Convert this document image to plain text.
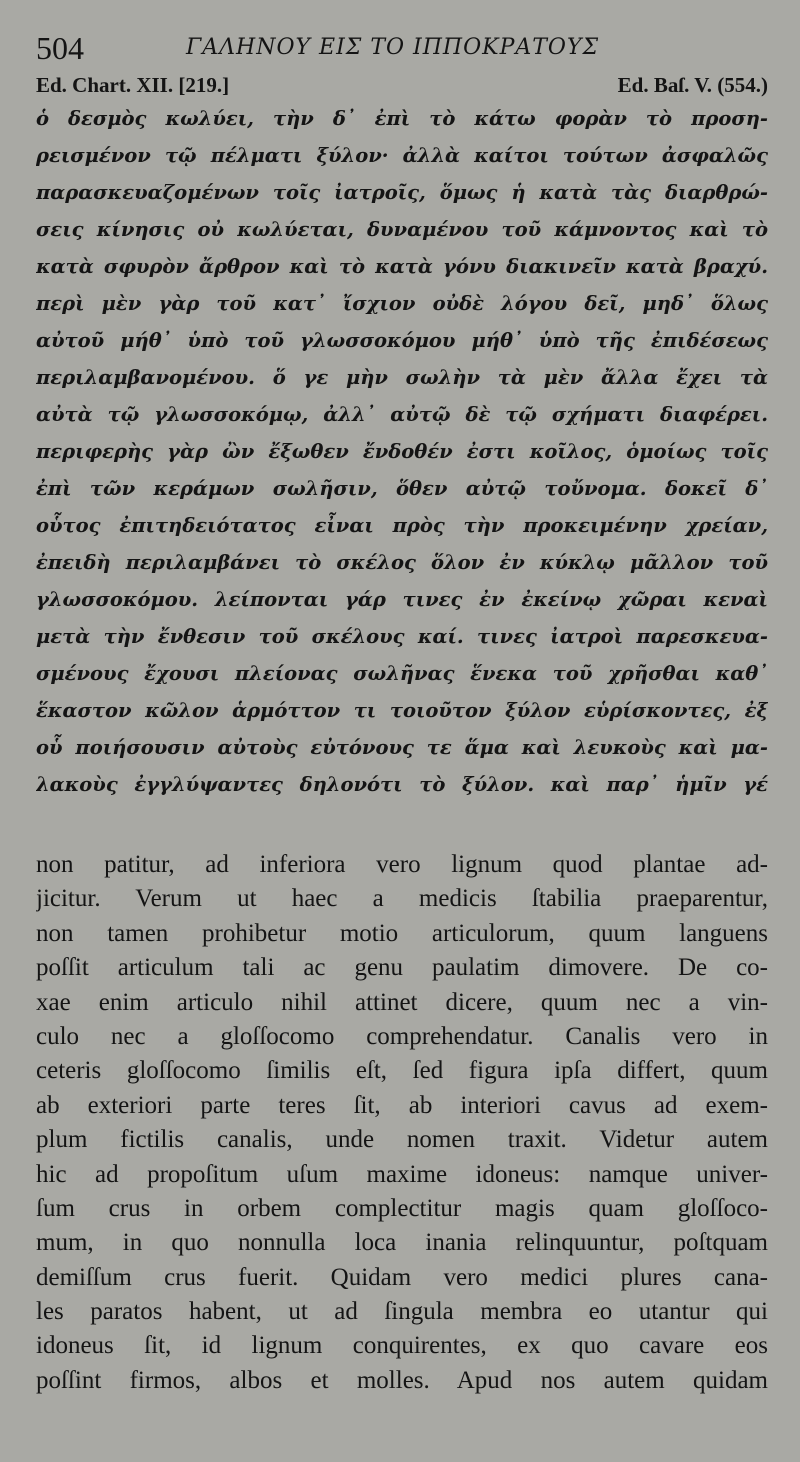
504	ΓΑΛΗΝΟΥ ΕΙΣ ΤΟ ΙΠΠΟΚΡΑΤΟΥΣ
Ed. Chart. XII. [219.]	Ed. Baſ. V. (554.)
ὁ δεσμὸς κωλύει, τὴν δ᾽ ἐπὶ τὸ κάτω φορὰν τὸ προση-
ρεισμένον τῷ πέλματι ξύλον· ἀλλὰ καίτοι τούτων ἀσφαλῶς
παρασκευαζομένων τοῖς ἰατροῖς, ὅμως ἡ κατὰ τὰς διαρθρώ-
σεις κίνησις οὐ κωλύεται, δυναμένου τοῦ κάμνοντος καὶ τὸ
κατὰ σφυρὸν ἄρθρον καὶ τὸ κατὰ γόνυ διακινεῖν κατὰ βραχύ.
περὶ μὲν γὰρ τοῦ κατ᾽ ἴσχιον οὐδὲ λόγου δεῖ, μηδ᾽ ὅλως
αὐτοῦ μήθ᾽ ὑπὸ τοῦ γλωσσοκόμου μήθ᾽ ὑπὸ τῆς ἐπιδέσεως
περιλαμβανομένου. ὅ γε μὴν σωλὴν τὰ μὲν ἄλλα ἔχει τὰ
αὐτὰ τῷ γλωσσοκόμῳ, ἀλλ᾽ αὐτῷ δὲ τῷ σχήματι διαφέρει.
περιφερὴς γὰρ ὢν ἔξωθεν ἔνδοθέν ἐστι κοῖλος, ὁμοίως τοῖς
ἐπὶ τῶν κεράμων σωλῆσιν, ὅθεν αὐτῷ τοὔνομα. δοκεῖ δ᾽
οὗτος ἐπιτηδειότατος εἶναι πρὸς τὴν προκειμένην χρείαν,
ἐπειδὴ περιλαμβάνει τὸ σκέλος ὅλον ἐν κύκλῳ μᾶλλον τοῦ
γλωσσοκόμου. λείπονται γάρ τινες ἐν ἐκείνῳ χῶραι κεναὶ
μετὰ τὴν ἔνθεσιν τοῦ σκέλους καί. τινες ἰατροὶ παρεσκευα-
σμένους ἔχουσι πλείονας σωλῆνας ἕνεκα τοῦ χρῆσθαι καθ᾽
ἕκαστον κῶλον ἁρμόττον τι τοιοῦτον ξύλον εὑρίσκοντες, ἐξ
οὗ ποιήσουσιν αὐτοὺς εὐτόνους τε ἅμα καὶ λευκοὺς καὶ μα-
λακοὺς ἐγγλύψαντες δηλονότι τὸ ξύλον. καὶ παρ᾽ ἡμῖν γέ
non patitur, ad inferiora vero lignum quod plantae ad-
jicitur. Verum ut haec a medicis ſtabilia praeparentur,
non tamen prohibetur motio articulorum, quum languens
poſſit articulum tali ac genu paulatim dimovere. De co-
xae enim articulo nihil attinet dicere, quum nec a vin-
culo nec a gloſſocomo comprehendatur. Canalis vero in
ceteris gloſſocomo ſimilis eſt, ſed figura ipſa differt, quum
ab exteriori parte teres ſit, ab interiori cavus ad exem-
plum fictilis canalis, unde nomen traxit. Videtur autem
hic ad propoſitum uſum maxime idoneus: namque univer-
ſum crus in orbem complectitur magis quam gloſſoco-
mum, in quo nonnulla loca inania relinquuntur, poſtquam
demiſſum crus fuerit. Quidam vero medici plures cana-
les paratos habent, ut ad ſingula membra eo utantur qui
idoneus ſit, id lignum conquirentes, ex quo cavare eos
poſſint firmos, albos et molles. Apud nos autem quidam
